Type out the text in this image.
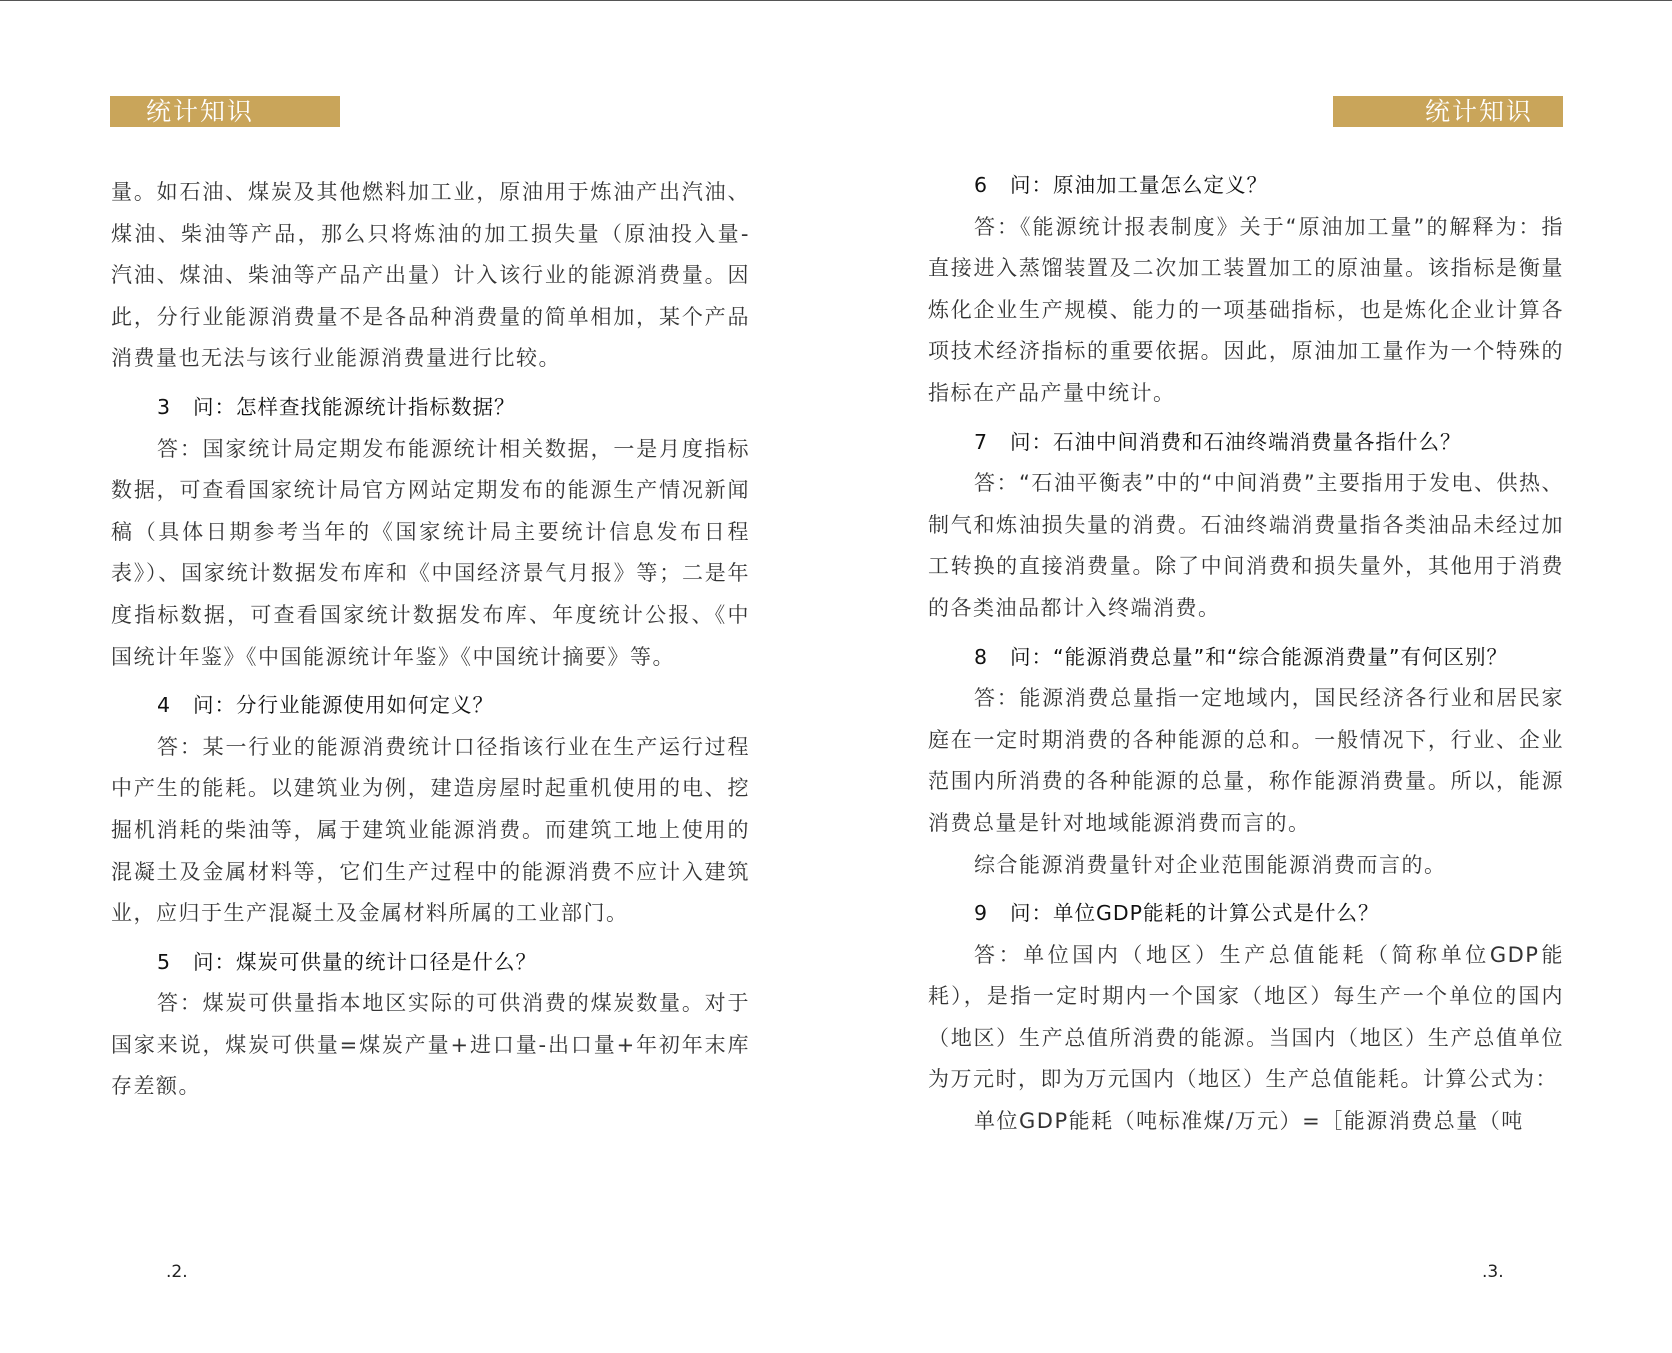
统计知识

量。如石油、煤炭及其他燃料加工业，原油用于炼油产出汽油、煤油、柴油等产品，那么只将炼油的加工损失量（原油投入量-汽油、煤油、柴油等产品产出量）计入该行业的能源消费量。因此，分行业能源消费量不是各品种消费量的简单相加，某个产品消费量也无法与该行业能源消费量进行比较。

3 问：怎样查找能源统计指标数据？

答：国家统计局定期发布能源统计相关数据，一是月度指标数据，可查看国家统计局官方网站定期发布的能源生产情况新闻稿（具体日期参考当年的《国家统计局主要统计信息发布日程表》）、国家统计数据发布库和《中国经济景气月报》等；二是年度指标数据，可查看国家统计数据发布库、年度统计公报、《中国统计年鉴》《中国能源统计年鉴》《中国统计摘要》等。

4 问：分行业能源使用如何定义？

答：某一行业的能源消费统计口径指该行业在生产运行过程中产生的能耗。以建筑业为例，建造房屋时起重机使用的电、挖掘机消耗的柴油等，属于建筑业能源消费。而建筑工地上使用的混凝土及金属材料等，它们生产过程中的能源消费不应计入建筑业，应归于生产混凝土及金属材料所属的工业部门。

5 问：煤炭可供量的统计口径是什么？

答：煤炭可供量指本地区实际的可供消费的煤炭数量。对于国家来说，煤炭可供量=煤炭产量+进口量-出口量+年初年末库存差额。

.2.
统计知识

6 问：原油加工量怎么定义？

答：《能源统计报表制度》关于“原油加工量”的解释为：指直接进入蒸馏装置及二次加工装置加工的原油量。该指标是衡量炼化企业生产规模、能力的一项基础指标，也是炼化企业计算各项技术经济指标的重要依据。因此，原油加工量作为一个特殊的指标在产品产量中统计。

7 问：石油中间消费和石油终端消费量各指什么？

答：“石油平衡表”中的“中间消费”主要指用于发电、供热、制气和炼油损失量的消费。石油终端消费量指各类油品未经过加工转换的直接消费量。除了中间消费和损失量外，其他用于消费的各类油品都计入终端消费。

8 问：“能源消费总量”和“综合能源消费量”有何区别？

答：能源消费总量指一定地域内，国民经济各行业和居民家庭在一定时期消费的各种能源的总和。一般情况下，行业、企业范围内所消费的各种能源的总量，称作能源消费量。所以，能源消费总量是针对地域能源消费而言的。

综合能源消费量针对企业范围能源消费而言的。

9 问：单位GDP能耗的计算公式是什么？

答：单位国内（地区）生产总值能耗（简称单位GDP能耗），是指一定时期内一个国家（地区）每生产一个单位的国内（地区）生产总值所消费的能源。当国内（地区）生产总值单位为万元时，即为万元国内（地区）生产总值能耗。计算公式为：

单位GDP能耗（吨标准煤/万元）=［能源消费总量（吨

.3.
